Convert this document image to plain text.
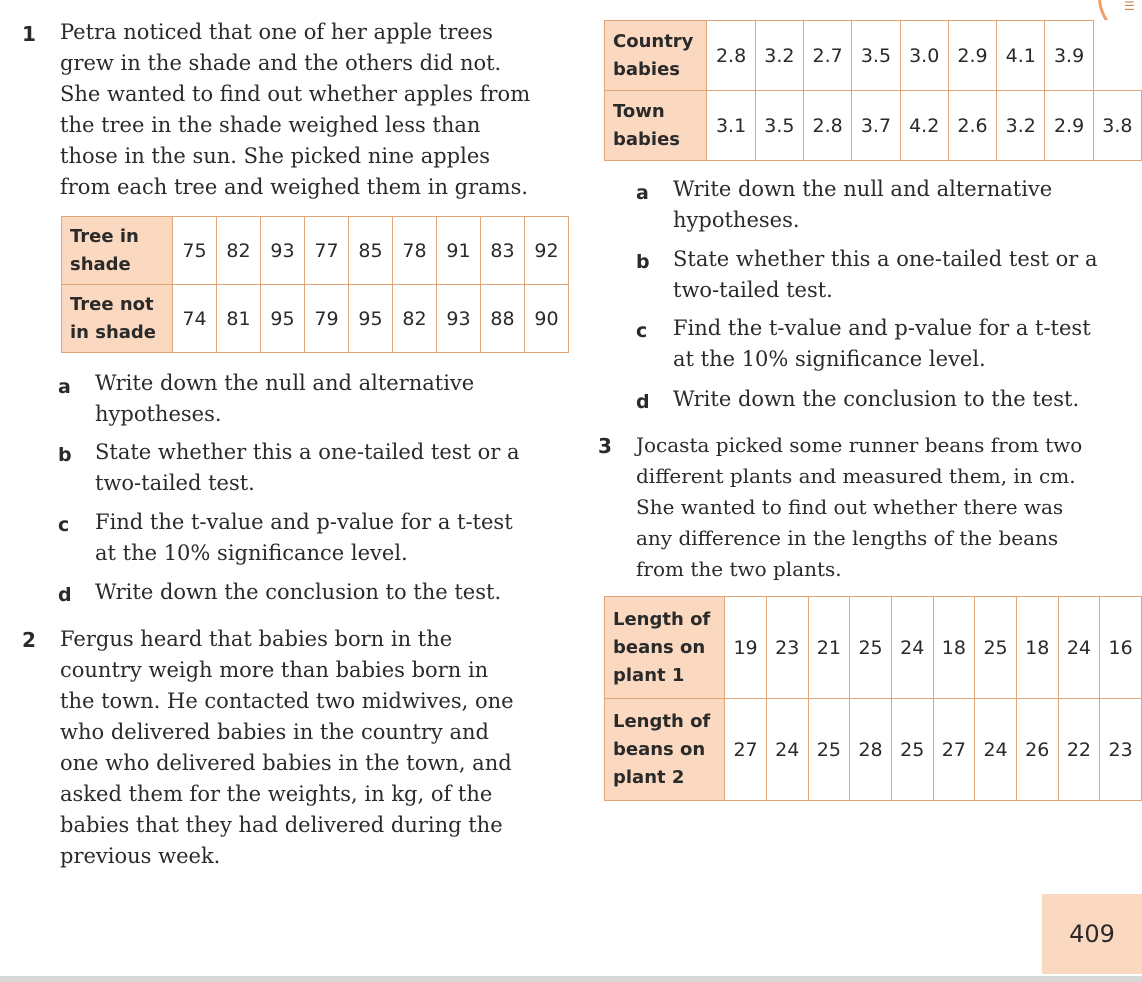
☰
1 Petra noticed that one of her apple trees
grew in the shade and the others did not.
She wanted to find out whether apples from
the tree in the shade weighed less than
those in the sun. She picked nine apples
from each tree and weighed them in grams.
Tree in
shade	75	82	93	77	85	78	91	83	92

Tree not
in shade	74	81	95	79	95	82	93	88	90
a Write down the null and alternative
hypotheses.
b State whether this a one-tailed test or a
two-tailed test.
c Find the t-value and p-value for a t-test
at the 10% significance level.
d Write down the conclusion to the test.
2 Fergus heard that babies born in the
country weigh more than babies born in
the town. He contacted two midwives, one
who delivered babies in the country and
one who delivered babies in the town, and
asked them for the weights, in kg, of the
babies that they had delivered during the
previous week.
Country
babies	2.8	3.2	2.7	3.5	3.0	2.9	4.1	3.9	

Town
babies	3.1	3.5	2.8	3.7	4.2	2.6	3.2	2.9	3.8
a Write down the null and alternative
hypotheses.
b State whether this a one-tailed test or a
two-tailed test.
c Find the t-value and p-value for a t-test
at the 10% significance level.
d Write down the conclusion to the test.
3 Jocasta picked some runner beans from two
different plants and measured them, in cm.
She wanted to find out whether there was
any difference in the lengths of the beans
from the two plants.
Length of
beans on
plant 1	19	23	21	25	24	18	25	18	24	16

Length of
beans on
plant 2	27	24	25	28	25	27	24	26	22	23
409
